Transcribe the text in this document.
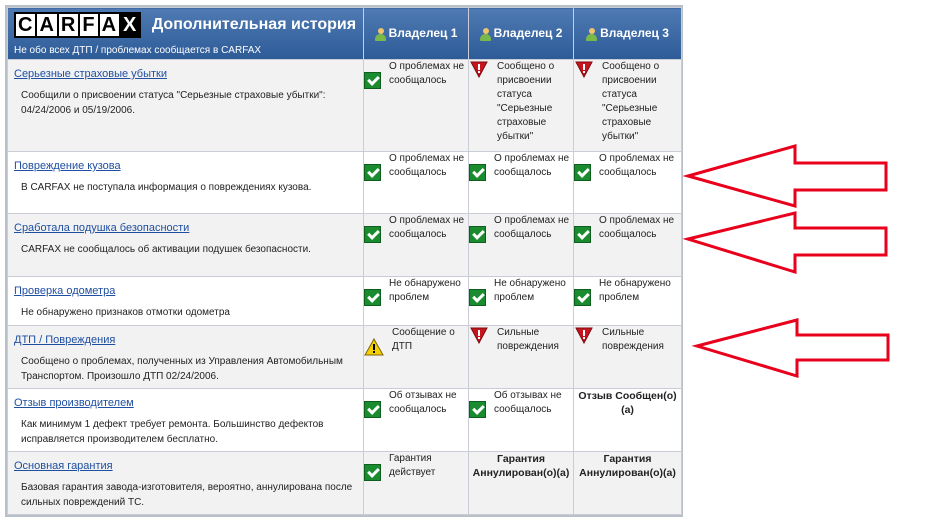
C A R F A X Дополнительная история
Не обо всех ДТП / проблемах сообщается в CARFAX	Владелец 1	Владелец 2	Владелец 3
Серьезные страховые убытки
Сообщили о присвоении статуса "Серьезные страховые убытки": 04/24/2006 и 05/19/2006.	О проблемах не сообщалось	Сообщено о присвоении статуса "Серьезные страховые убытки"	Сообщено о присвоении статуса "Серьезные страховые убытки"

Повреждение кузова
В CARFAX не поступала информация о повреждениях кузова.	О проблемах не сообщалось	О проблемах не сообщалось	О проблемах не сообщалось

Сработала подушка безопасности
CARFAX не сообщалось об активации подушек безопасности.	О проблемах не сообщалось	О проблемах не сообщалось	О проблемах не сообщалось

Проверка одометра
Не обнаружено признаков отмотки одометра	Не обнаружено проблем	Не обнаружено проблем	Не обнаружено проблем

ДТП / Повреждения
Сообщено о проблемах, полученных из Управления Автомобильным Транспортом. Произошло ДТП 02/24/2006.	Сообщение о ДТП	Сильные повреждения	Сильные повреждения

Отзыв производителем
Как минимум 1 дефект требует ремонта. Большинство дефектов исправляется производителем бесплатно.	Об отзывах не сообщалось	Об отзывах не сообщалось	Отзыв Сообщен(о)(а)
Основная гарантия
Базовая гарантия завода-изготовителя, вероятно, аннулирована после сильных повреждений ТС.	Гарантия действует	Гарантия Аннулирован(о)(а)	Гарантия Аннулирован(о)(а)
